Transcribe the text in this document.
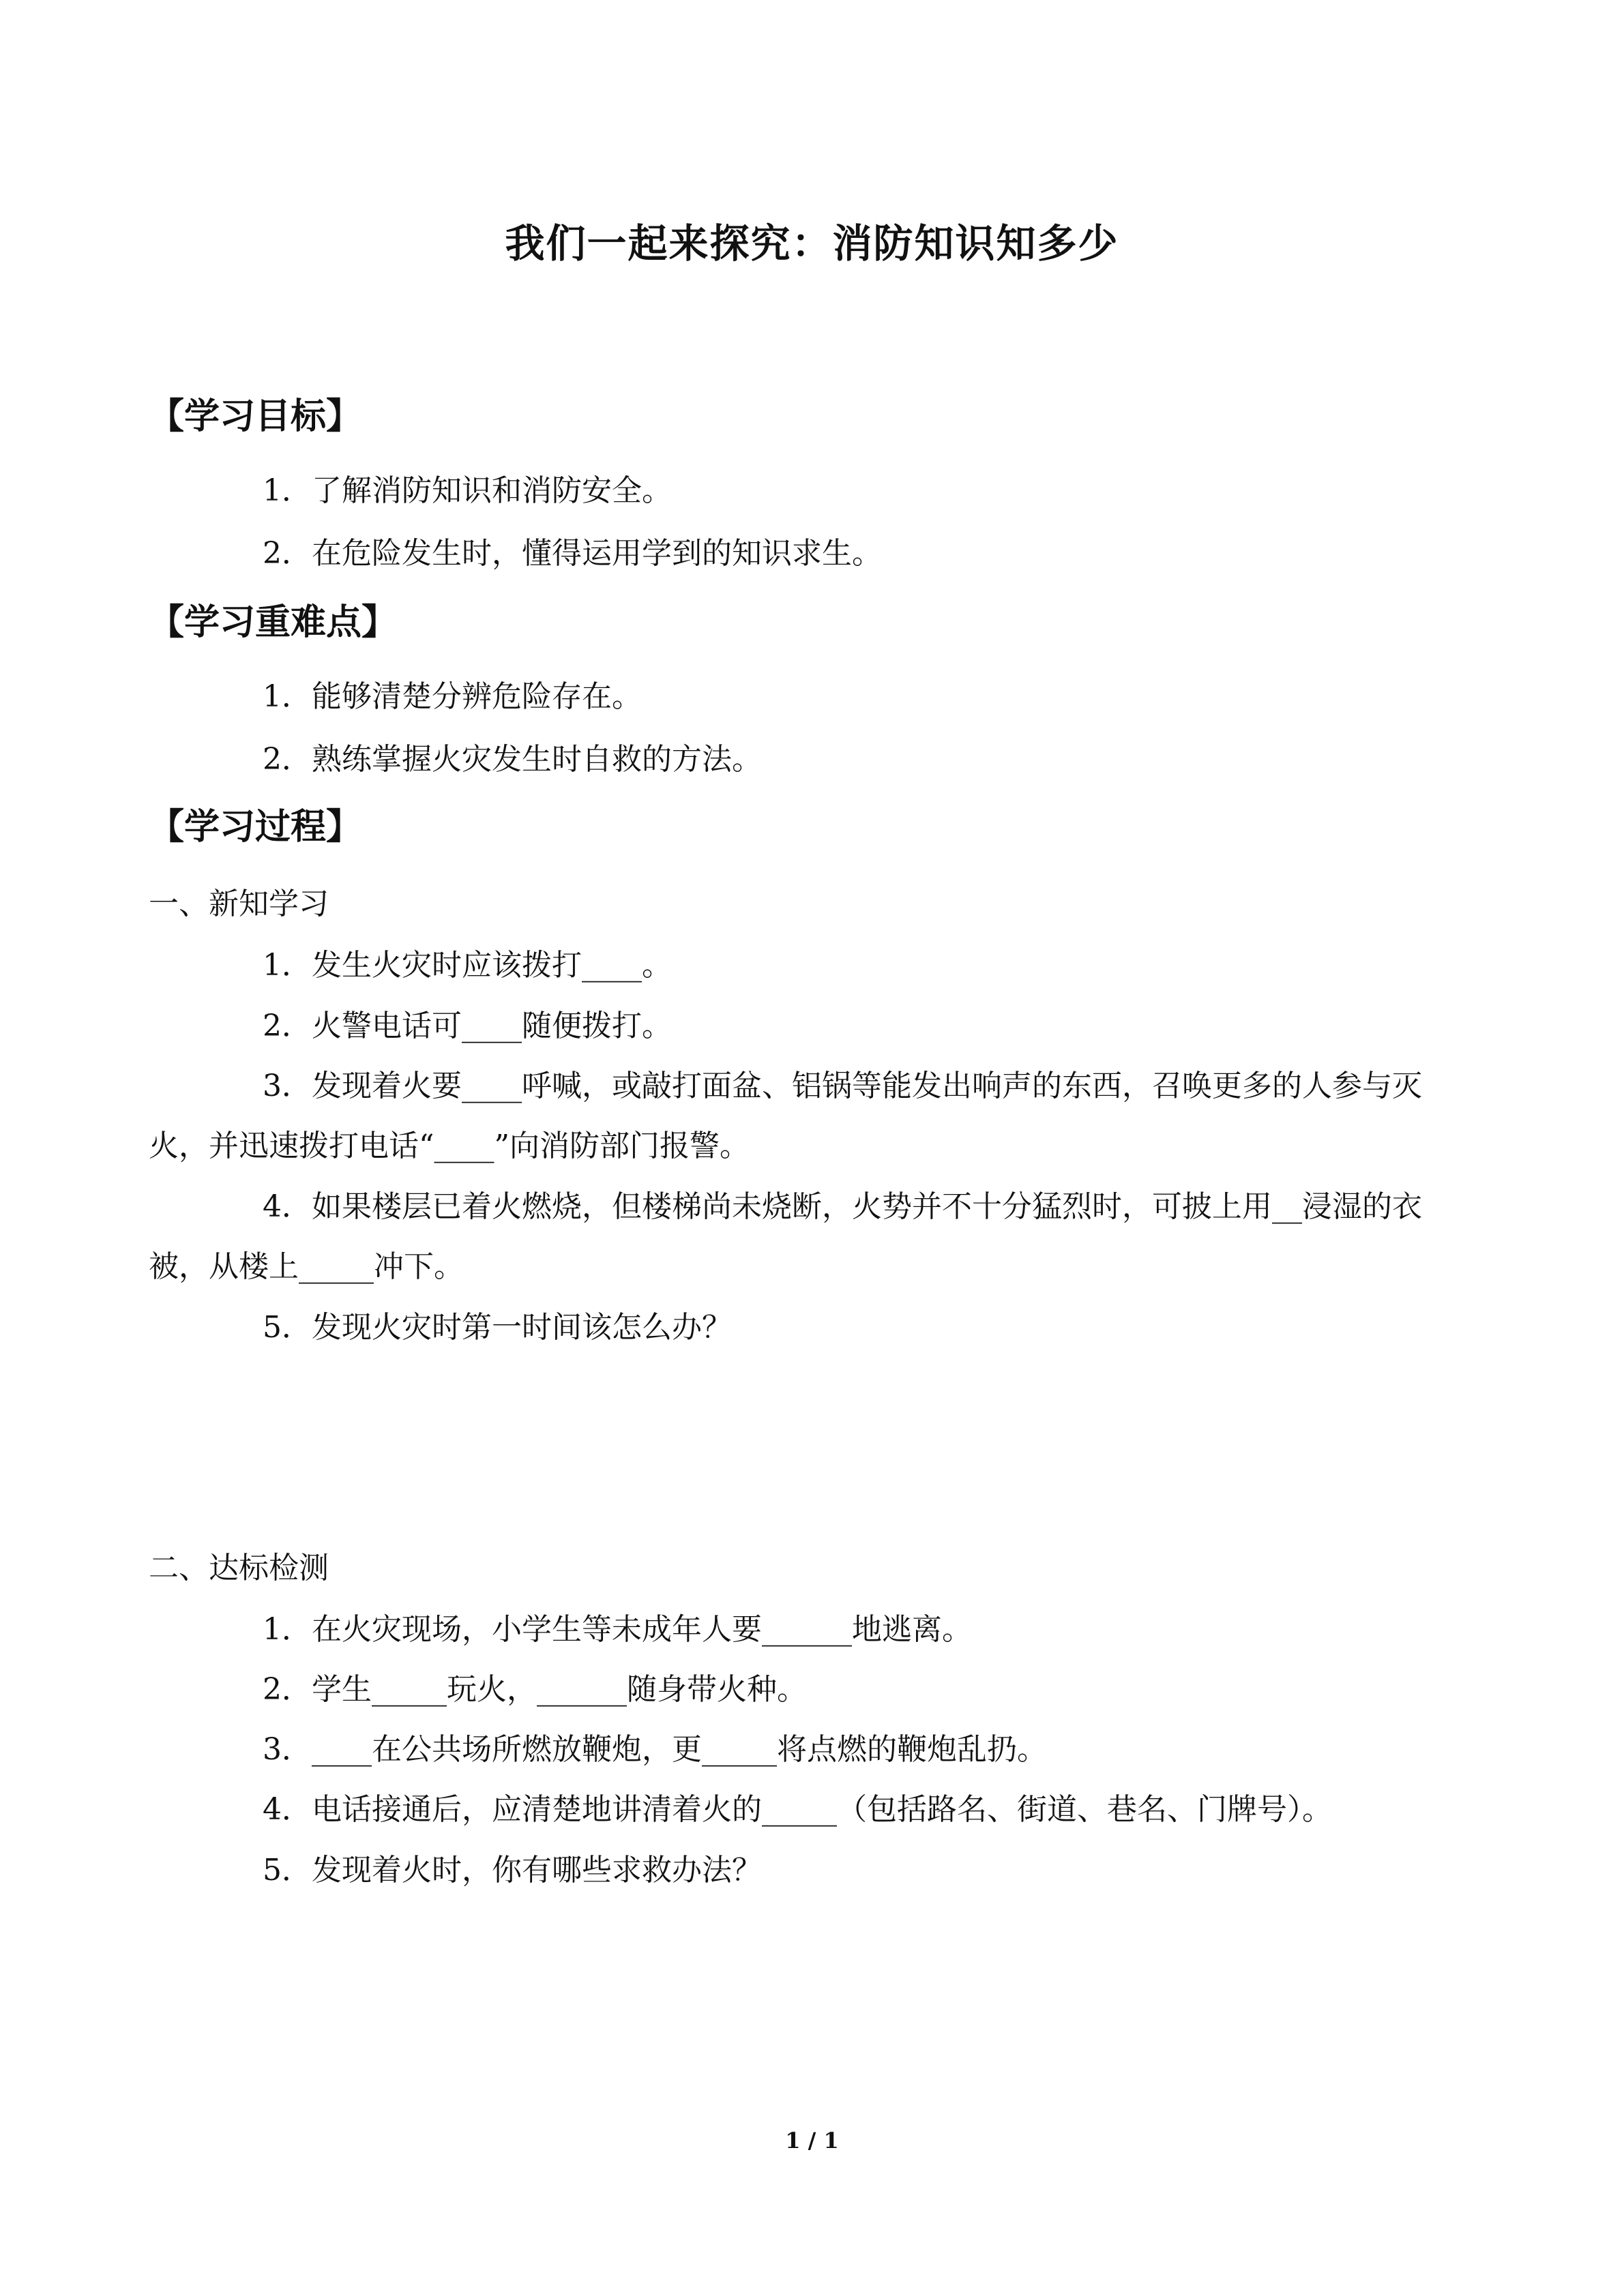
我们一起来探究：消防知识知多少
【学习目标】
1．了解消防知识和消防安全。
2．在危险发生时，懂得运用学到的知识求生。
【学习重难点】
1．能够清楚分辨危险存在。
2．熟练掌握火灾发生时自救的方法。
【学习过程】
一、新知学习
1．发生火灾时应该拨打____。
2．火警电话可____随便拨打。
3．发现着火要____呼喊，或敲打面盆、铝锅等能发出响声的东西，召唤更多的人参与灭
火，并迅速拨打电话“____”向消防部门报警。
4．如果楼层已着火燃烧，但楼梯尚未烧断，火势并不十分猛烈时，可披上用__浸湿的衣
被，从楼上_____冲下。
5．发现火灾时第一时间该怎么办？
二、达标检测
1．在火灾现场，小学生等未成年人要______地逃离。
2．学生_____玩火，______随身带火种。
3．____在公共场所燃放鞭炮，更_____将点燃的鞭炮乱扔。
4．电话接通后，应清楚地讲清着火的_____（包括路名、街道、巷名、门牌号）。
5．发现着火时，你有哪些求救办法？
1 / 1
